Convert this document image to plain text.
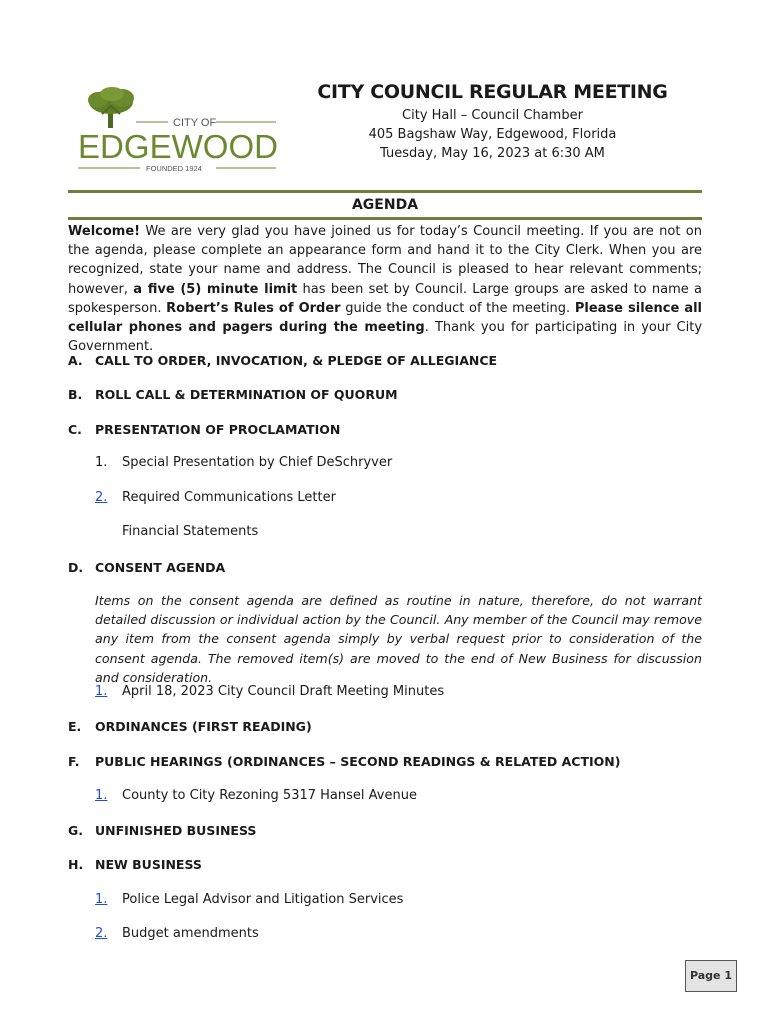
CITY OF
EDGEWOOD
FOUNDED 1924
CITY COUNCIL REGULAR MEETING
City Hall – Council Chamber
405 Bagshaw Way, Edgewood, Florida
Tuesday, May 16, 2023 at 6:30 AM
AGENDA

Welcome! We are very glad you have joined us for today’s Council meeting. If you are not on the agenda, please complete an appearance form and hand it to the City Clerk. When you are recognized, state your name and address. The Council is pleased to hear relevant comments; however, a five (5) minute limit has been set by Council. Large groups are asked to name a spokesperson. Robert’s Rules of Order guide the conduct of the meeting. Please silence all cellular phones and pagers during the meeting. Thank you for participating in your City Government.

A. CALL TO ORDER, INVOCATION, & PLEDGE OF ALLEGIANCE
B. ROLL CALL & DETERMINATION OF QUORUM
C. PRESENTATION OF PROCLAMATION
1. Special Presentation by Chief DeSchryver
2. Required Communications Letter
Financial Statements
D. CONSENT AGENDA

Items on the consent agenda are defined as routine in nature, therefore, do not warrant detailed discussion or individual action by the Council. Any member of the Council may remove any item from the consent agenda simply by verbal request prior to consideration of the consent agenda. The removed item(s) are moved to the end of New Business for discussion and consideration.

1. April 18, 2023 City Council Draft Meeting Minutes
E. ORDINANCES (FIRST READING)
F. PUBLIC HEARINGS (ORDINANCES – SECOND READINGS & RELATED ACTION)
1. County to City Rezoning 5317 Hansel Avenue
G. UNFINISHED BUSINESS
H. NEW BUSINESS
1. Police Legal Advisor and Litigation Services
2. Budget amendments
Page 1
